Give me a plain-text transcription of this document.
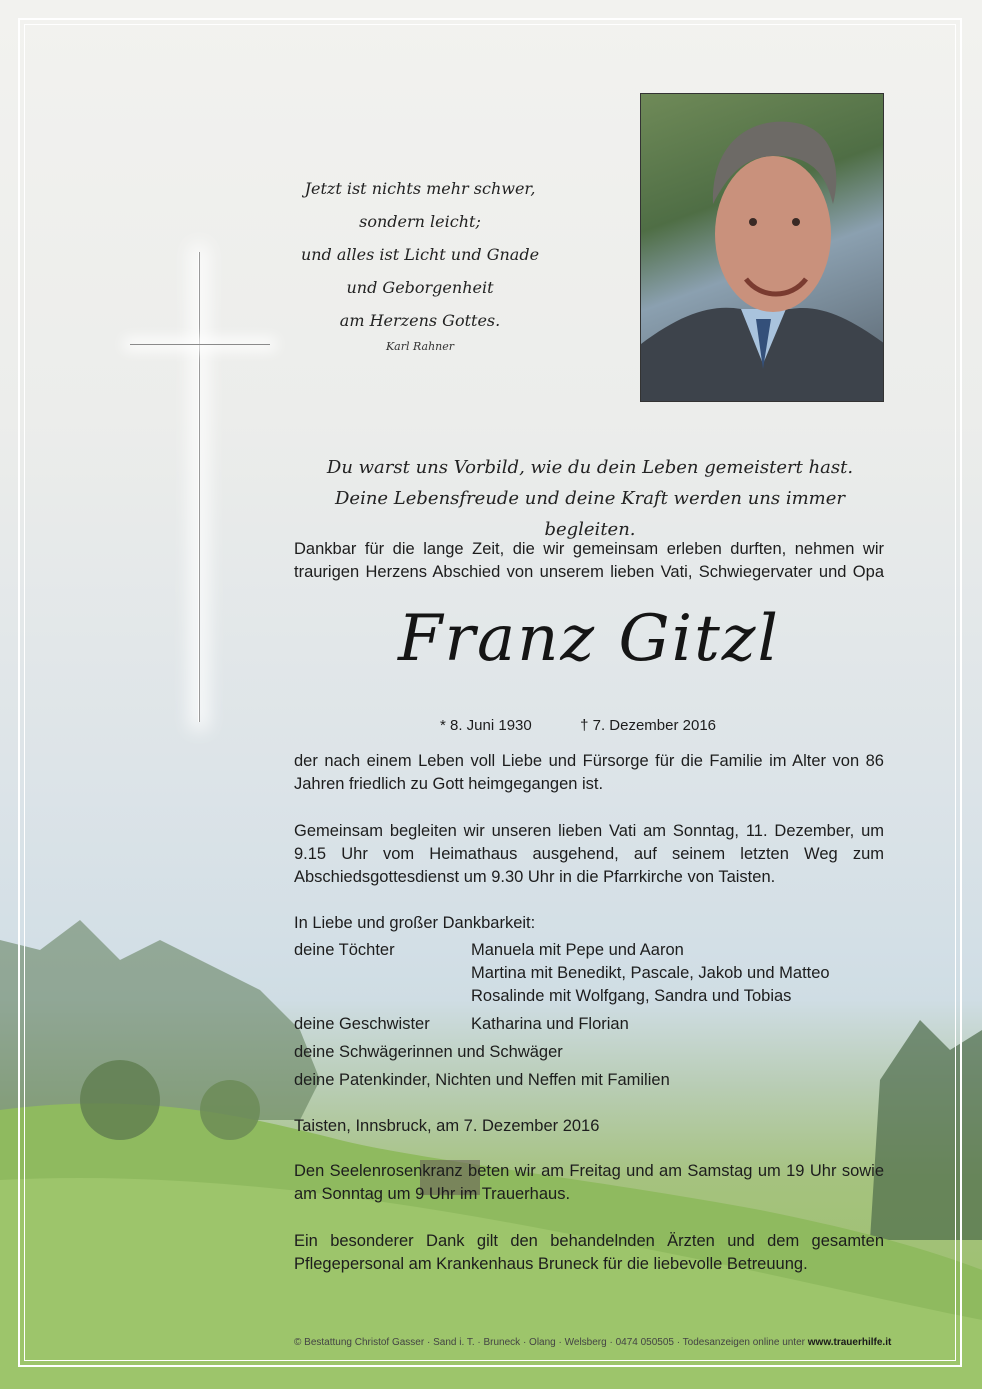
Jetzt ist nichts mehr schwer,
sondern leicht;
und alles ist Licht und Gnade
und Geborgenheit
am Herzens Gottes.
Karl Rahner
Du warst uns Vorbild, wie du dein Leben gemeistert hast.
Deine Lebensfreude und deine Kraft werden uns immer begleiten.
Dankbar für die lange Zeit, die wir gemeinsam erleben durften, nehmen wir
traurigen Herzens Abschied von unserem lieben Vati, Schwiegervater und Opa
Franz Gitzl
* 8. Juni 1930	† 7. Dezember 2016
der nach einem Leben voll Liebe und Fürsorge für die Familie im Alter von 86 Jahren friedlich zu Gott heimgegangen ist.
Gemeinsam begleiten wir unseren lieben Vati am Sonntag, 11. Dezember, um 9.15 Uhr vom Heimathaus ausgehend, auf seinem letzten Weg zum Abschiedsgottesdienst um 9.30 Uhr in die Pfarrkirche von Taisten.
In Liebe und großer Dankbarkeit:
deine Töchter	Manuela mit Pepe und Aaron
Martina mit Benedikt, Pascale, Jakob und Matteo
Rosalinde mit Wolfgang, Sandra und Tobias
deine Geschwister	Katharina und Florian
deine Schwägerinnen und Schwäger
deine Patenkinder, Nichten und Neffen mit Familien
Taisten, Innsbruck, am 7. Dezember 2016
Den Seelenrosenkranz beten wir am Freitag und am Samstag um 19 Uhr sowie am Sonntag um 9 Uhr im Trauerhaus.
Ein besonderer Dank gilt den behandelnden Ärzten und dem gesamten Pflegepersonal am Krankenhaus Bruneck für die liebevolle Betreuung.
© Bestattung Christof Gasser · Sand i. T. · Bruneck · Olang · Welsberg · 0474 050505 · Todesanzeigen online unter www.trauerhilfe.it
